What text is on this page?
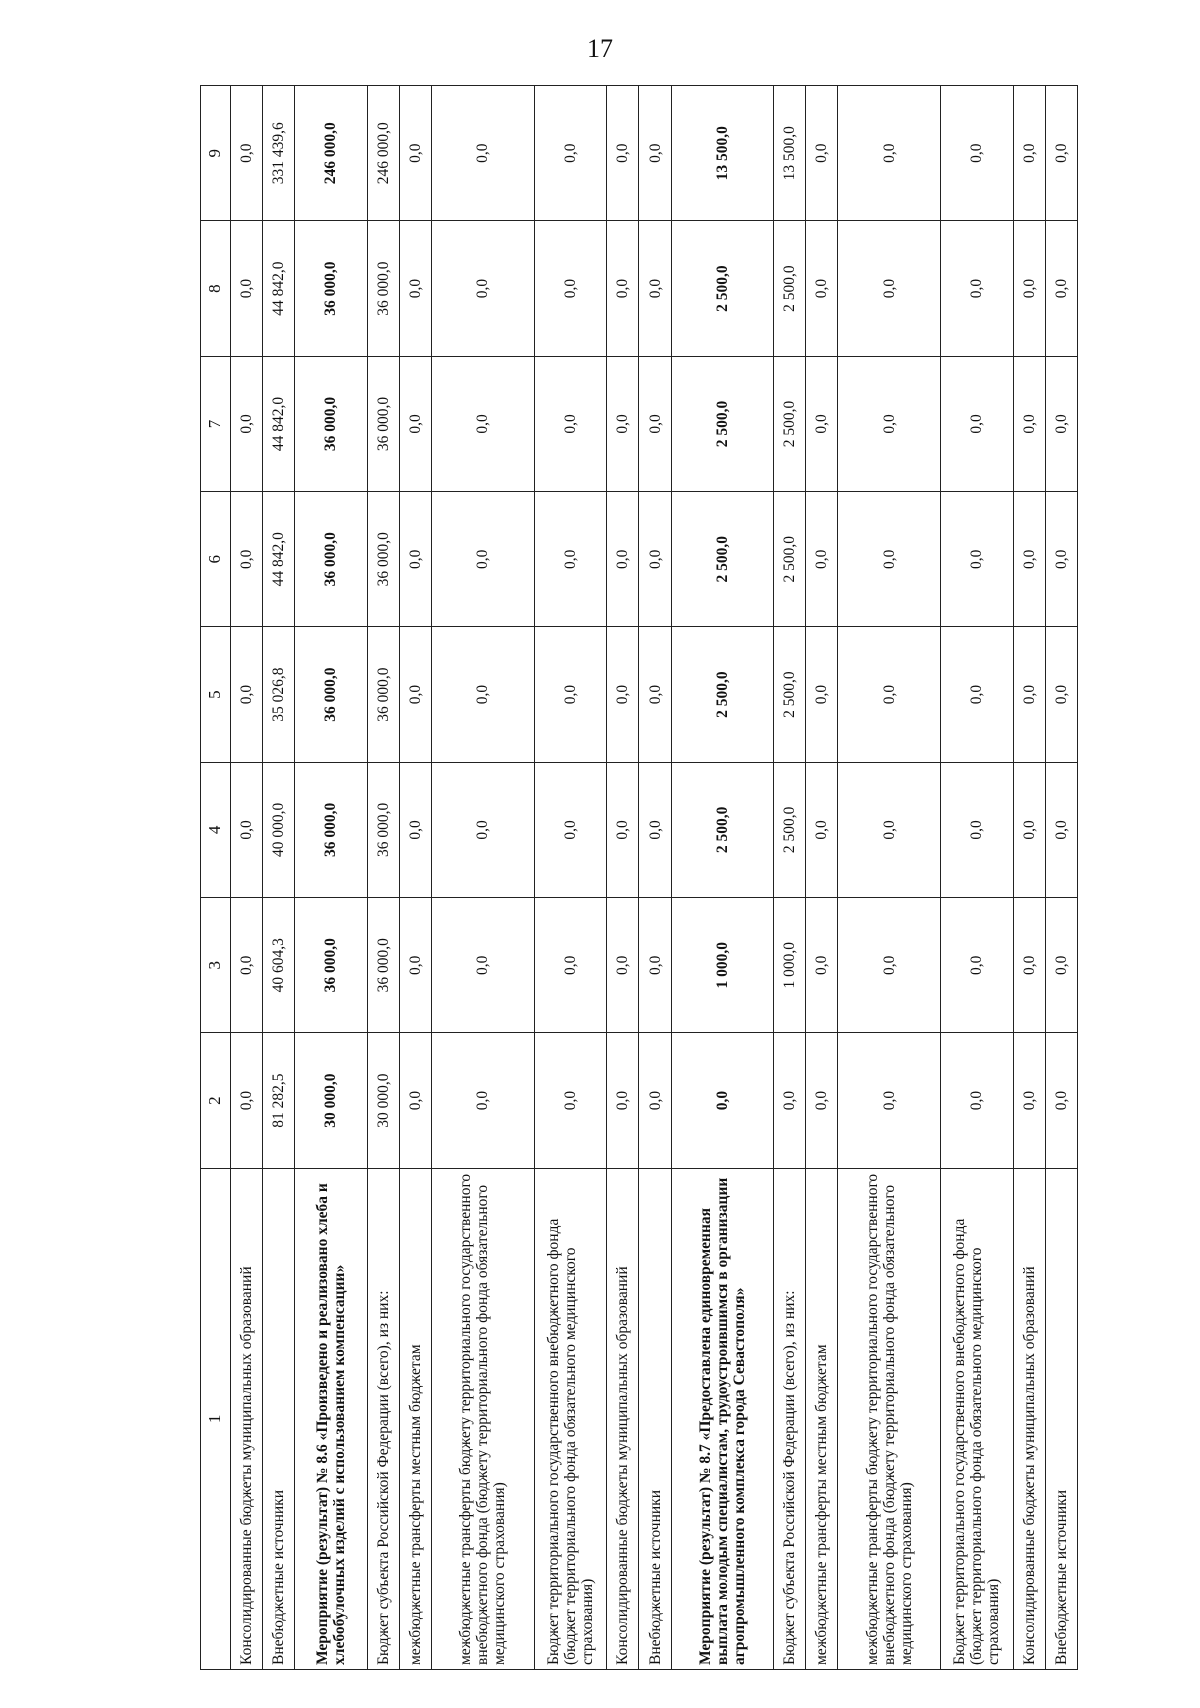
17
1	2	3	4	5	6	7	8	9
Консолидированные бюджеты муниципальных образований	0,0	0,0	0,0	0,0	0,0	0,0	0,0	0,0
Внебюджетные источники	81 282,5	40 604,3	40 000,0	35 026,8	44 842,0	44 842,0	44 842,0	331 439,6
Мероприятие (результат) № 8.6 «Произведено и реализовано хлеба и хлебобулочных изделий с использованием компенсации»	30 000,0	36 000,0	36 000,0	36 000,0	36 000,0	36 000,0	36 000,0	246 000,0
Бюджет субъекта Российской Федерации (всего), из них:	30 000,0	36 000,0	36 000,0	36 000,0	36 000,0	36 000,0	36 000,0	246 000,0
межбюджетные трансферты местным бюджетам	0,0	0,0	0,0	0,0	0,0	0,0	0,0	0,0
межбюджетные трансферты бюджету территориального государственного внебюджетного фонда (бюджету территориального фонда обязательного медицинского страхования)	0,0	0,0	0,0	0,0	0,0	0,0	0,0	0,0
Бюджет территориального государственного внебюджетного фонда (бюджет территориального фонда обязательного медицинского страхования)	0,0	0,0	0,0	0,0	0,0	0,0	0,0	0,0
Консолидированные бюджеты муниципальных образований	0,0	0,0	0,0	0,0	0,0	0,0	0,0	0,0
Внебюджетные источники	0,0	0,0	0,0	0,0	0,0	0,0	0,0	0,0
Мероприятие (результат) № 8.7 «Предоставлена единовременная выплата молодым специалистам, трудоустроившимся в организации агропромышленного комплекса города Севастополя»	0,0	1 000,0	2 500,0	2 500,0	2 500,0	2 500,0	2 500,0	13 500,0
Бюджет субъекта Российской Федерации (всего), из них:	0,0	1 000,0	2 500,0	2 500,0	2 500,0	2 500,0	2 500,0	13 500,0
межбюджетные трансферты местным бюджетам	0,0	0,0	0,0	0,0	0,0	0,0	0,0	0,0
межбюджетные трансферты бюджету территориального государственного внебюджетного фонда (бюджету территориального фонда обязательного медицинского страхования)	0,0	0,0	0,0	0,0	0,0	0,0	0,0	0,0
Бюджет территориального государственного внебюджетного фонда (бюджет территориального фонда обязательного медицинского страхования)	0,0	0,0	0,0	0,0	0,0	0,0	0,0	0,0
Консолидированные бюджеты муниципальных образований	0,0	0,0	0,0	0,0	0,0	0,0	0,0	0,0
Внебюджетные источники	0,0	0,0	0,0	0,0	0,0	0,0	0,0	0,0
